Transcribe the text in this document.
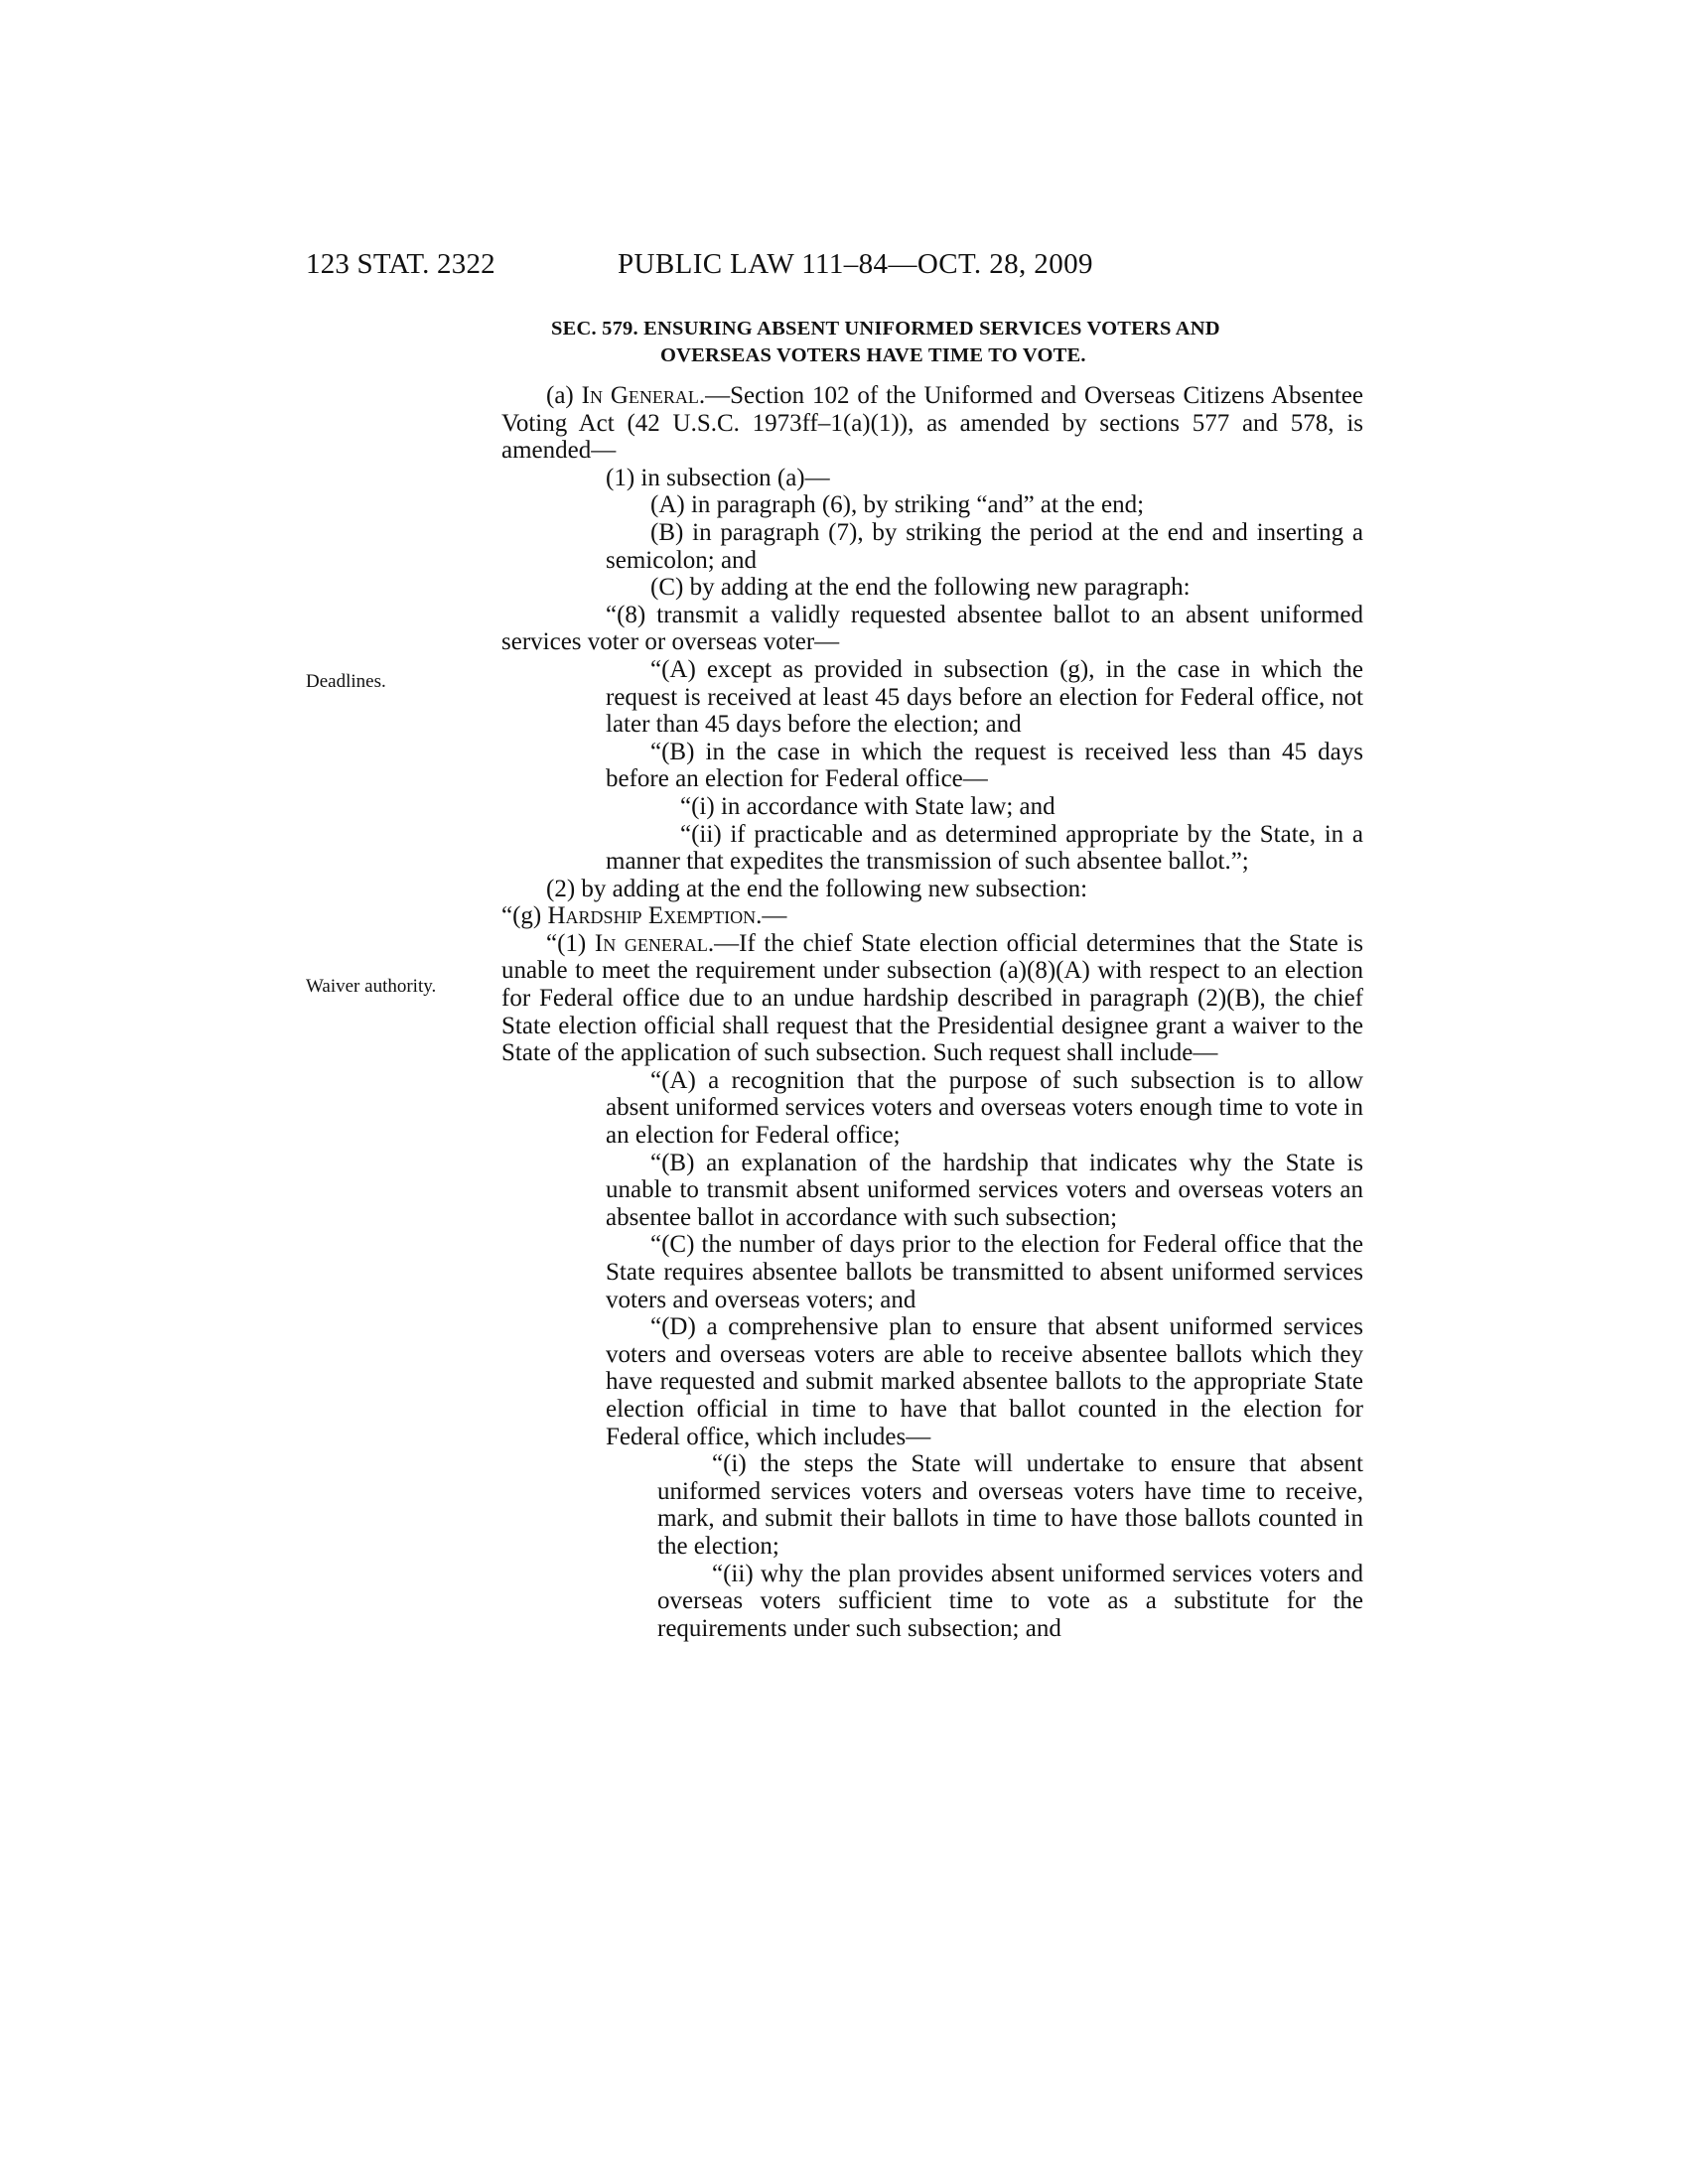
123 STAT. 2322	PUBLIC LAW 111–84—OCT. 28, 2009
SEC. 579. ENSURING ABSENT UNIFORMED SERVICES VOTERS AND
OVERSEAS VOTERS HAVE TIME TO VOTE.
Deadlines.
Waiver authority.

(a) In General.—Section 102 of the Uniformed and Overseas Citizens Absentee Voting Act (42 U.S.C. 1973ff–1(a)(1)), as amended by sections 577 and 578, is amended—

(1) in subsection (a)—

(A) in paragraph (6), by striking “and” at the end;

(B) in paragraph (7), by striking the period at the end and inserting a semicolon; and

(C) by adding at the end the following new paragraph:

“(8) transmit a validly requested absentee ballot to an absent uniformed services voter or overseas voter—

“(A) except as provided in subsection (g), in the case in which the request is received at least 45 days before an election for Federal office, not later than 45 days before the election; and

“(B) in the case in which the request is received less than 45 days before an election for Federal office—

“(i) in accordance with State law; and

“(ii) if practicable and as determined appropriate by the State, in a manner that expedites the transmission of such absentee ballot.”;

(2) by adding at the end the following new subsection:

“(g) Hardship Exemption.—

“(1) In general.—If the chief State election official determines that the State is unable to meet the requirement under subsection (a)(8)(A) with respect to an election for Federal office due to an undue hardship described in paragraph (2)(B), the chief State election official shall request that the Presidential designee grant a waiver to the State of the application of such subsection. Such request shall include—

“(A) a recognition that the purpose of such subsection is to allow absent uniformed services voters and overseas voters enough time to vote in an election for Federal office;

“(B) an explanation of the hardship that indicates why the State is unable to transmit absent uniformed services voters and overseas voters an absentee ballot in accordance with such subsection;

“(C) the number of days prior to the election for Federal office that the State requires absentee ballots be transmitted to absent uniformed services voters and overseas voters; and

“(D) a comprehensive plan to ensure that absent uniformed services voters and overseas voters are able to receive absentee ballots which they have requested and submit marked absentee ballots to the appropriate State election official in time to have that ballot counted in the election for Federal office, which includes—

“(i) the steps the State will undertake to ensure that absent uniformed services voters and overseas voters have time to receive, mark, and submit their ballots in time to have those ballots counted in the election;

“(ii) why the plan provides absent uniformed services voters and overseas voters sufficient time to vote as a substitute for the requirements under such subsection; and
